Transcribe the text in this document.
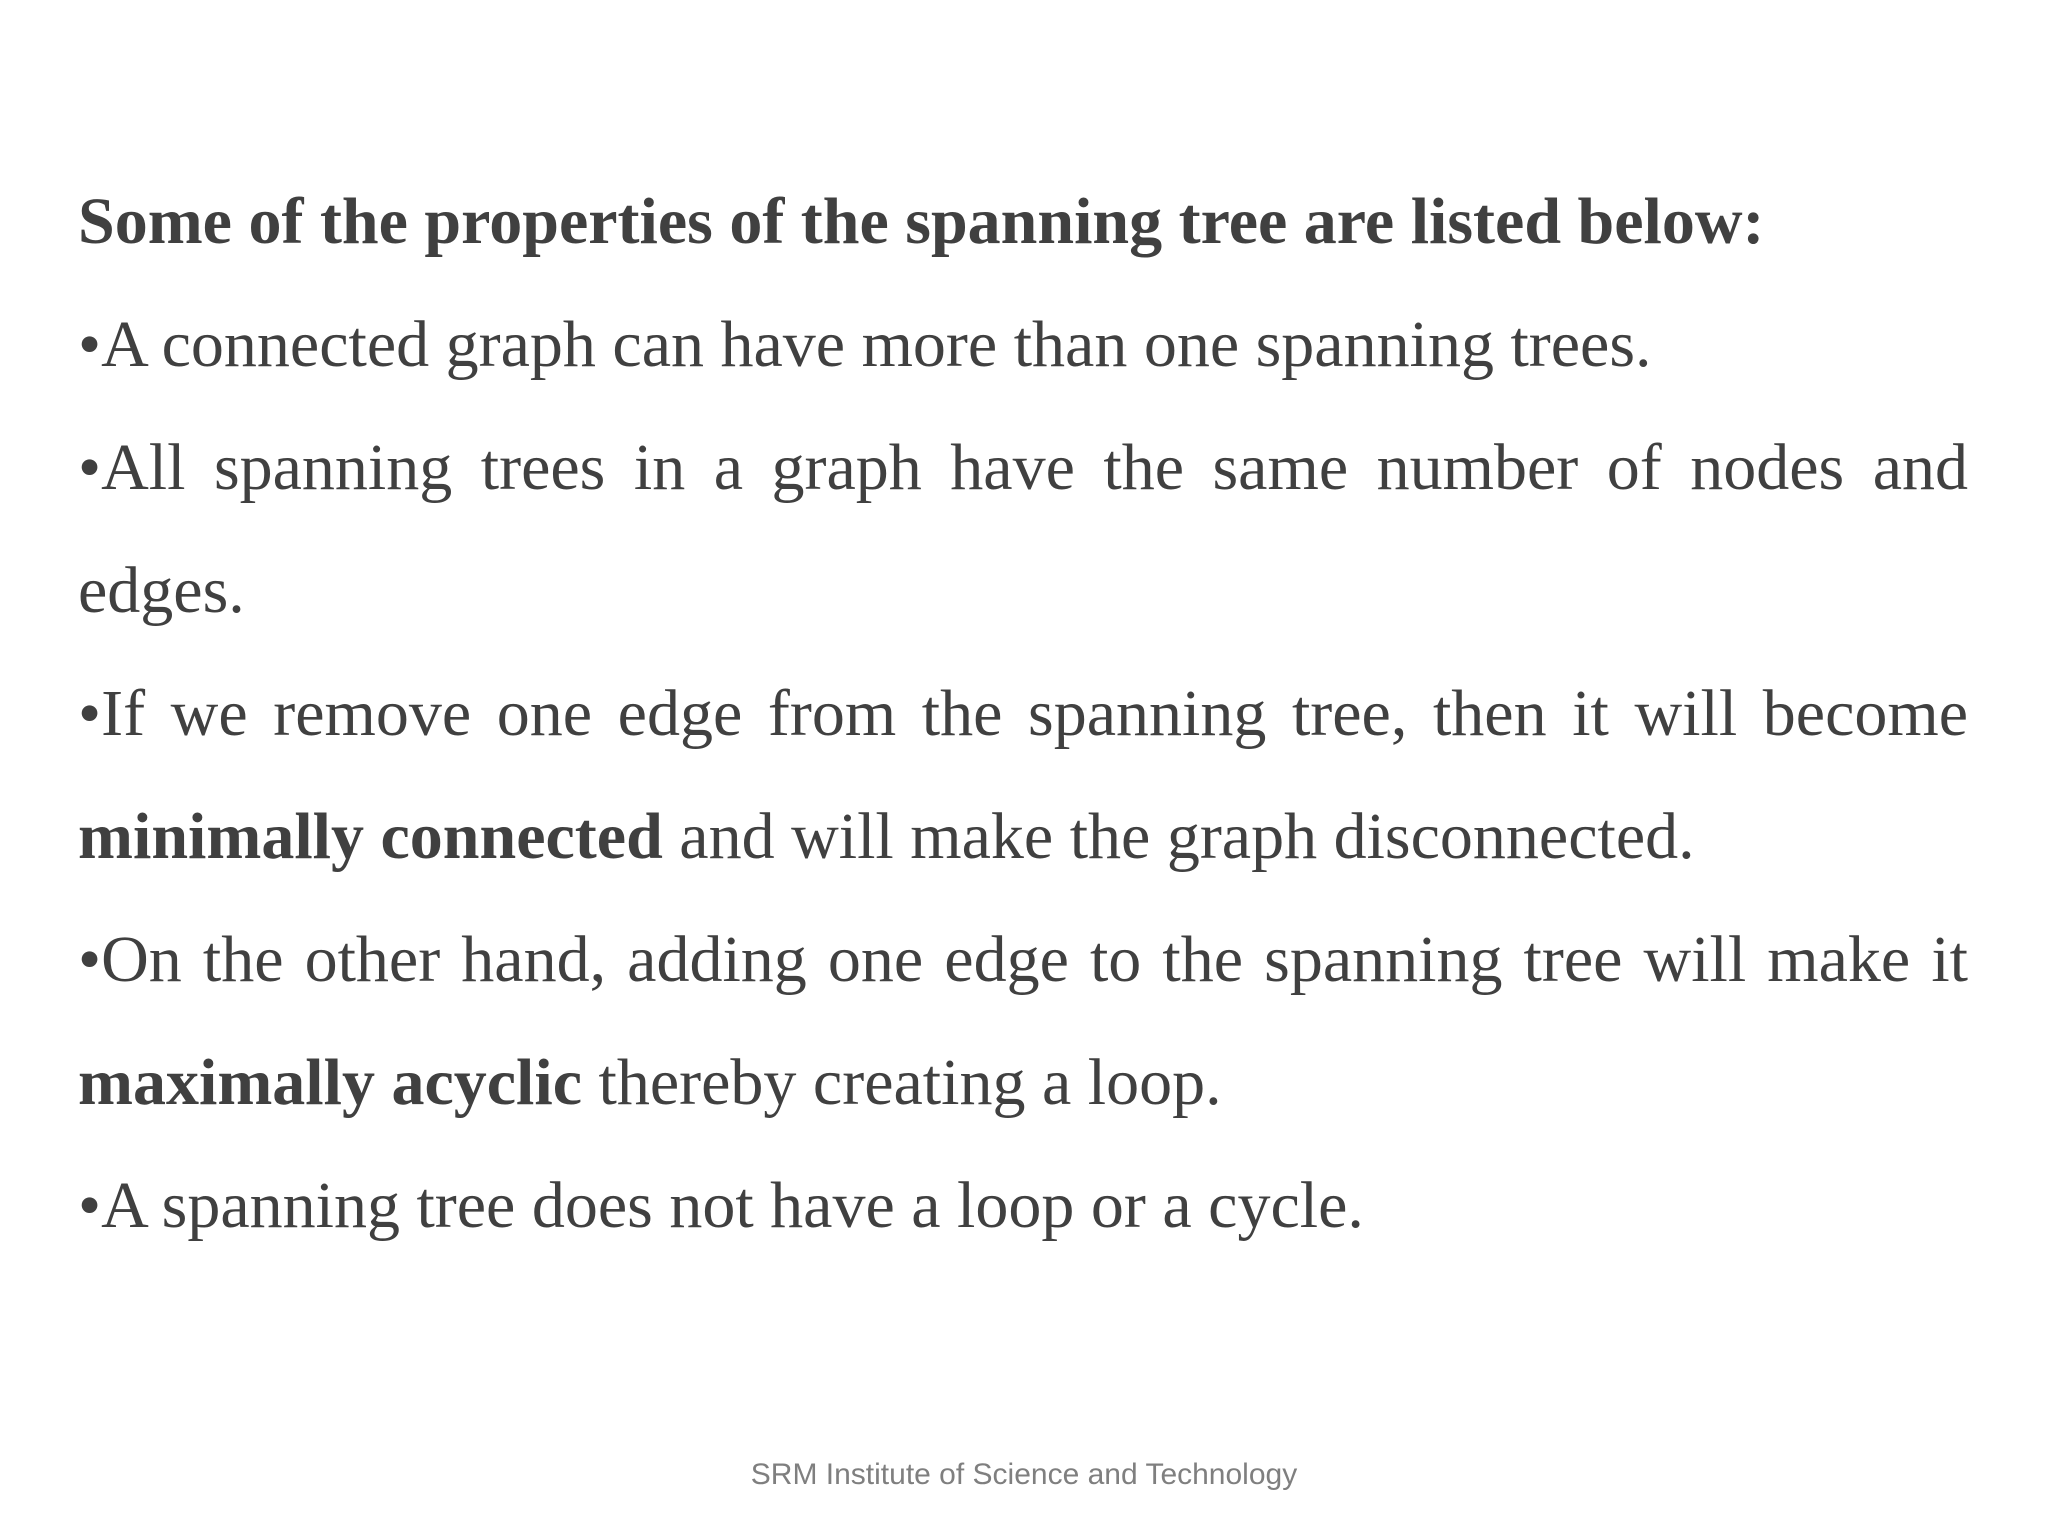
Some of the properties of the spanning tree are listed below:

•A connected graph can have more than one spanning trees.

•All spanning trees in a graph have the same number of nodes and edges.

•If we remove one edge from the spanning tree, then it will become minimally connected and will make the graph disconnected.

•On the other hand, adding one edge to the spanning tree will make it maximally acyclic thereby creating a loop.

•A spanning tree does not have a loop or a cycle.

SRM Institute of Science and Technology
